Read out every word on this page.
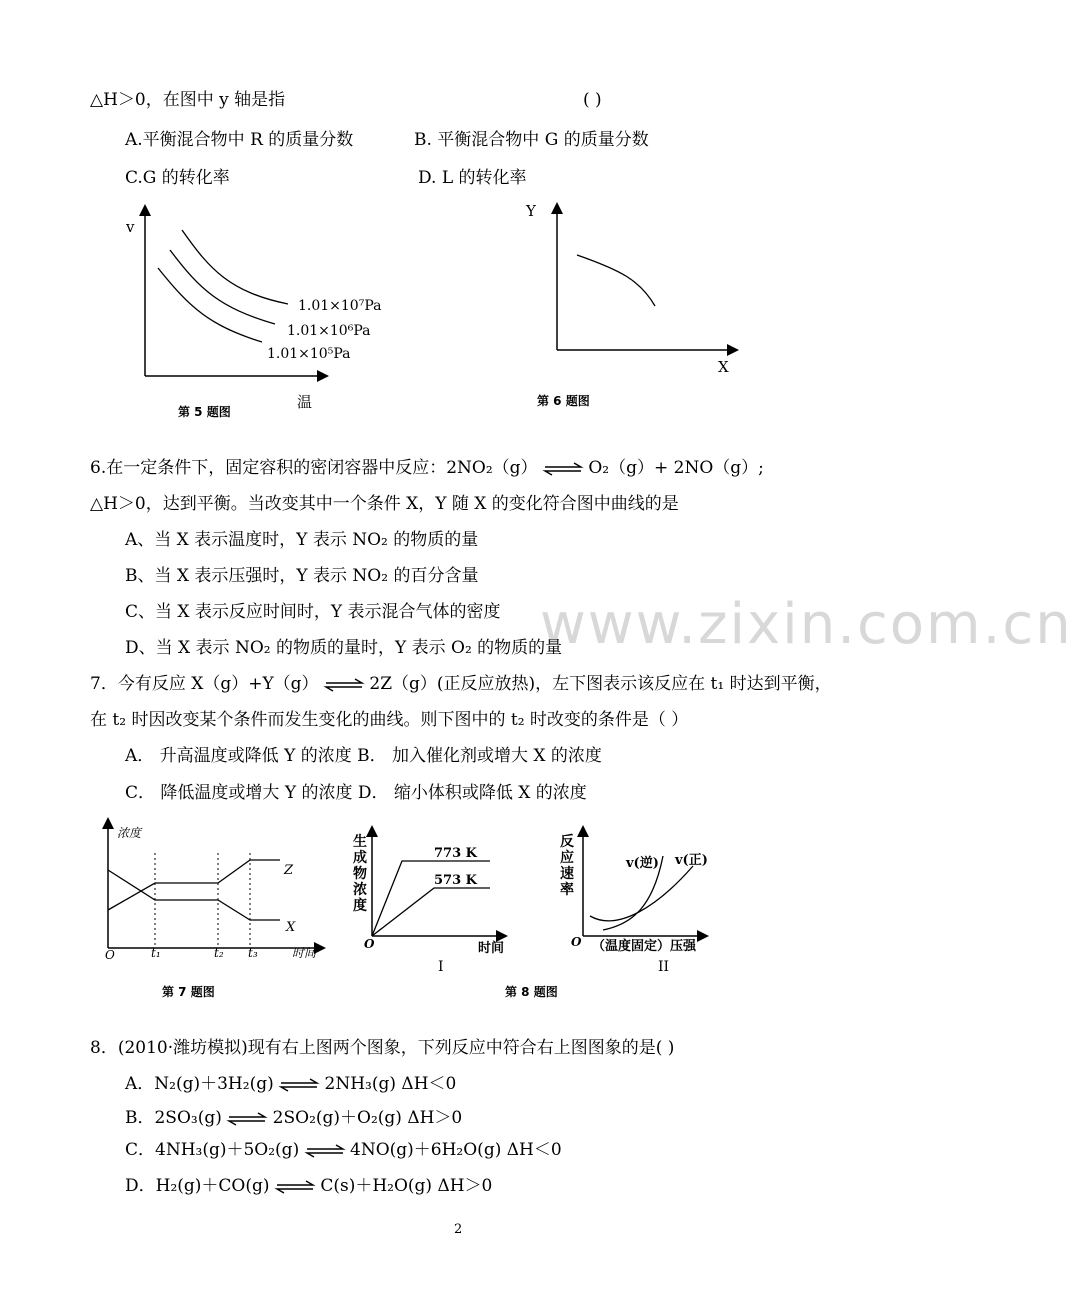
www.zixin.com.cn
△H＞0，在图中 y 轴是指	( )
A.平衡混合物中 R 的质量分数	B. 平衡混合物中 G 的质量分数
C.G 的转化率	D. L 的转化率
v
1.01×10⁷Pa
1.01×10⁶Pa
1.01×10⁵Pa
温
第 5 题图
Y
X
第 6 题图
6.在一定条件下，固定容积的密闭容器中反应：2NO₂（g） ⇌ O₂（g）+ 2NO（g）;
△H＞0，达到平衡。当改变其中一个条件 X，Y 随 X 的变化符合图中曲线的是
A、当 X 表示温度时，Y 表示 NO₂ 的物质的量
B、当 X 表示压强时，Y 表示 NO₂ 的百分含量
C、当 X 表示反应时间时，Y 表示混合气体的密度
D、当 X 表示 NO₂ 的物质的量时，Y 表示 O₂ 的物质的量
7．今有反应 X（g）+Y（g） ⇌ 2Z（g）(正反应放热)，左下图表示该反应在 t₁ 时达到平衡，
在 t₂ 时因改变某个条件而发生变化的曲线。则下图中的 t₂ 时改变的条件是（ ）
A． 升高温度或降低 Y 的浓度 B． 加入催化剂或增大 X 的浓度
C． 降低温度或增大 Y 的浓度 D． 缩小体积或降低 X 的浓度
浓度
Z
X
O	t₁	t₂ t₃	时间
第 7 题图
生
成
物
浓
度
773 K
573 K
O	时间
I
反
应
速
率
v(逆) v(正)
O （温度固定）压强
II
第 8 题图
8．(2010·潍坊模拟)现有右上图两个图象，下列反应中符合右上图图象的是( )
A．N₂(g)＋3H₂(g) ⇌ 2NH₃(g) ΔH＜0
B．2SO₃(g) ⇌ 2SO₂(g)＋O₂(g) ΔH＞0
C．4NH₃(g)＋5O₂(g) ⇌ 4NO(g)＋6H₂O(g) ΔH＜0
D．H₂(g)＋CO(g) ⇌ C(s)＋H₂O(g) ΔH＞0
2
